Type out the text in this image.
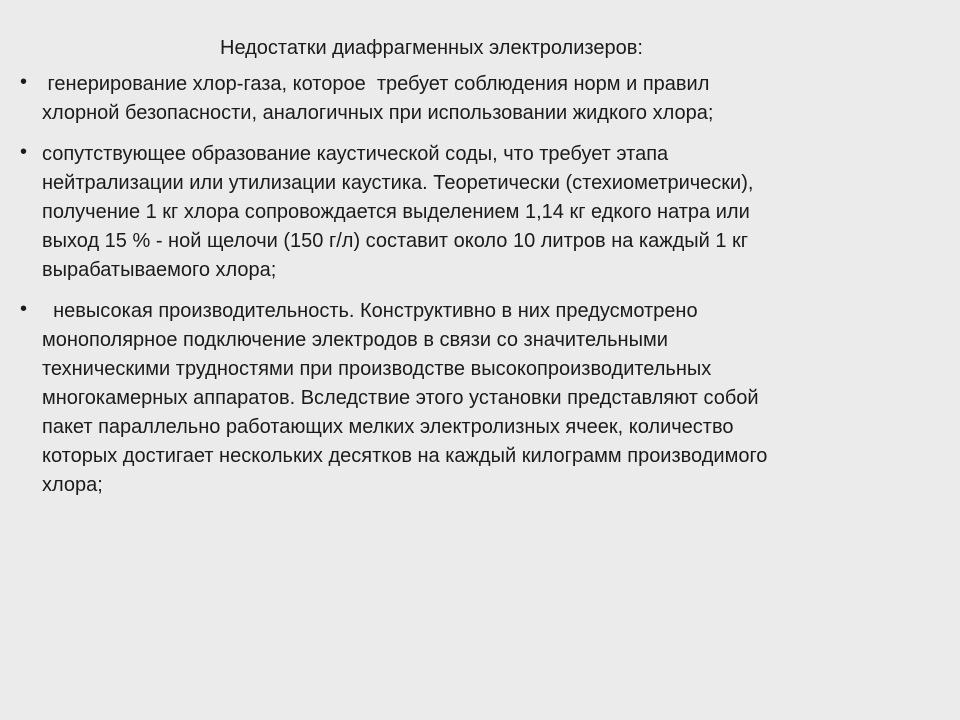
Недостатки диафрагменных электролизеров:
• генерирование хлор-газа, которое  требует соблюдения норм и правил
хлорной безопасности, аналогичных при использовании жидкого хлора;
• сопутствующее образование каустической соды, что требует этапа
нейтрализации или утилизации каустика. Теоретически (стехиометрически),
получение 1 кг хлора сопровождается выделением 1,14 кг едкого натра или
выход 15 % - ной щелочи (150 г/л) составит около 10 литров на каждый 1 кг
вырабатываемого хлора;
• невысокая производительность. Конструктивно в них предусмотрено
монополярное подключение электродов в связи со значительными
техническими трудностями при производстве высокопроизводительных
многокамерных аппаратов. Вследствие этого установки представляют собой
пакет параллельно работающих мелких электролизных ячеек, количество
которых достигает нескольких десятков на каждый килограмм производимого
хлора;
